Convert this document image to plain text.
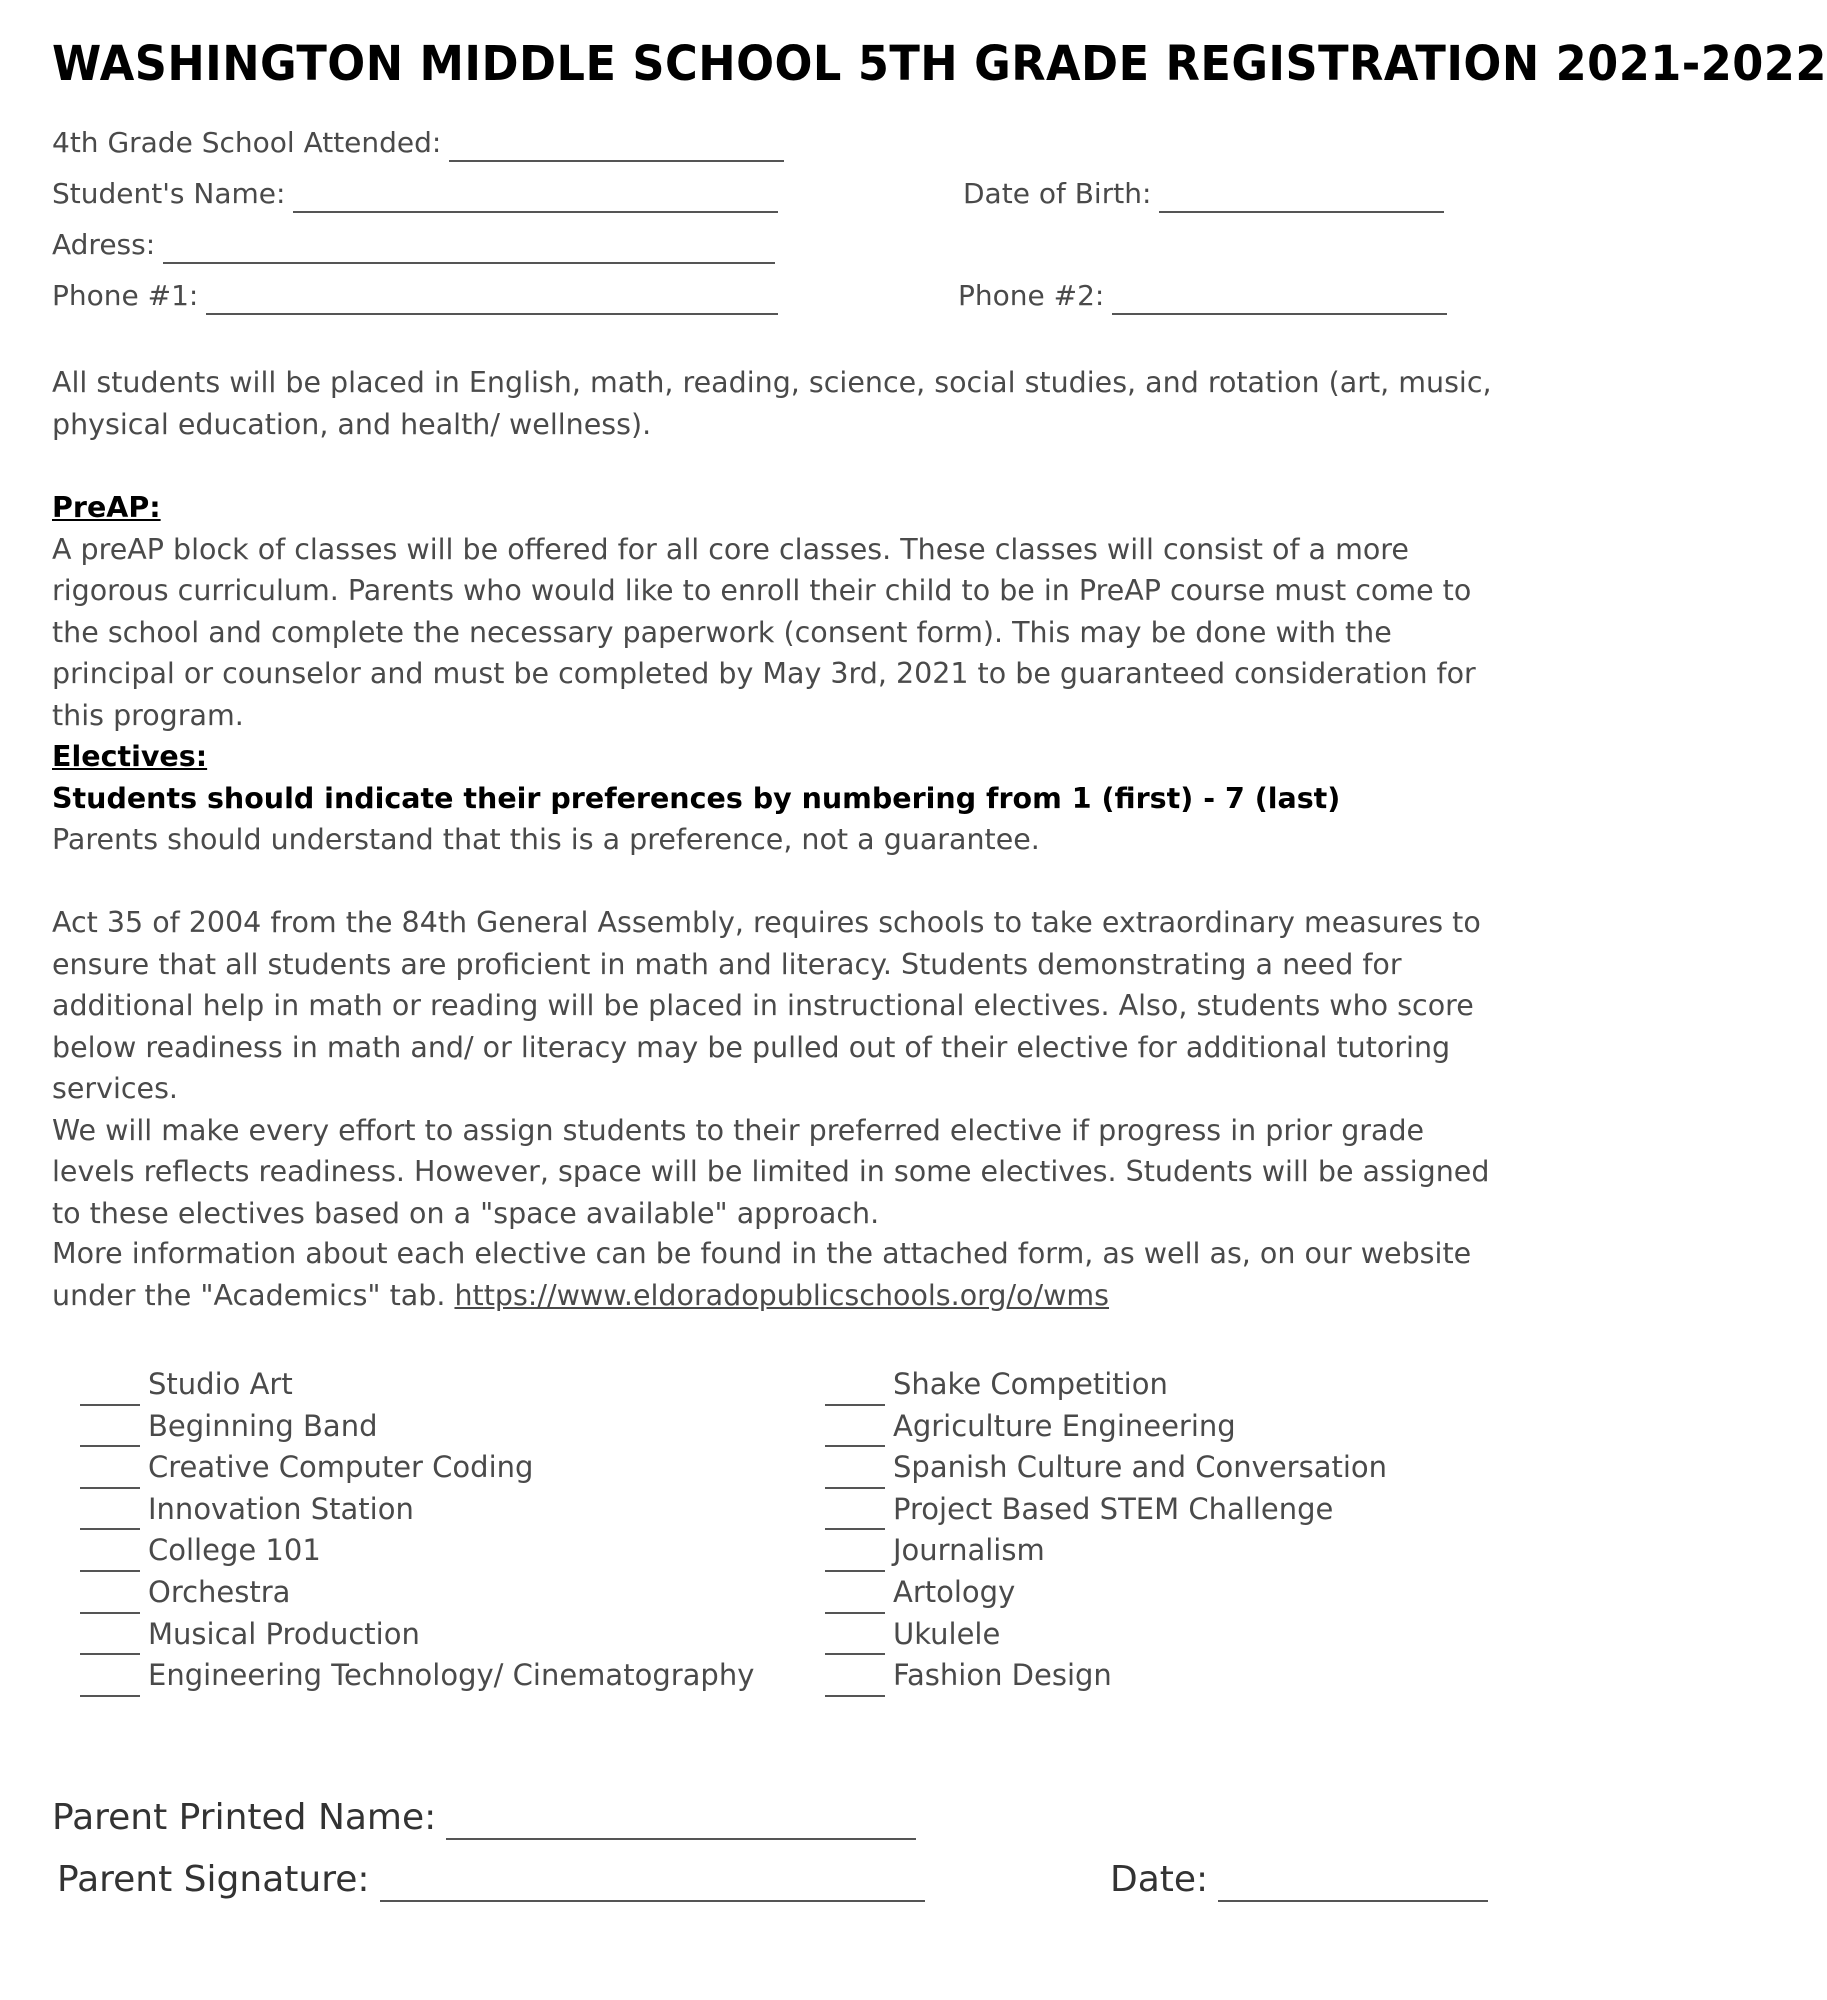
WASHINGTON MIDDLE SCHOOL 5TH GRADE REGISTRATION 2021-2022
4th Grade School Attended:
Student's Name:	Date of Birth:
Adress:
Phone #1:	Phone #2:
All students will be placed in English, math, reading, science, social studies, and rotation (art, music, physical education, and health/ wellness).
PreAP:
A preAP block of classes will be offered for all core classes. These classes will consist of a more rigorous curriculum. Parents who would like to enroll their child to be in PreAP course must come to the school and complete the necessary paperwork (consent form). This may be done with the principal or counselor and must be completed by May 3rd, 2021 to be guaranteed consideration for this program.
Electives:
Students should indicate their preferences by numbering from 1 (first) - 7 (last)
Parents should understand that this is a preference, not a guarantee.
Act 35 of 2004 from the 84th General Assembly, requires schools to take extraordinary measures to ensure that all students are proficient in math and literacy. Students demonstrating a need for additional help in math or reading will be placed in instructional electives. Also, students who score below readiness in math and/ or literacy may be pulled out of their elective for additional tutoring services.
We will make every effort to assign students to their preferred elective if progress in prior grade levels reflects readiness. However, space will be limited in some electives. Students will be assigned to these electives based on a "space available" approach.
More information about each elective can be found in the attached form, as well as, on our website under the "Academics" tab. https://www.eldoradopublicschools.org/o/wms
Studio Art
Beginning Band
Creative Computer Coding
Innovation Station
College 101
Orchestra
Musical Production
Engineering Technology/ Cinematography
Shake Competition
Agriculture Engineering
Spanish Culture and Conversation
Project Based STEM Challenge
Journalism
Artology
Ukulele
Fashion Design
Parent Printed Name:
Parent Signature:	Date:
